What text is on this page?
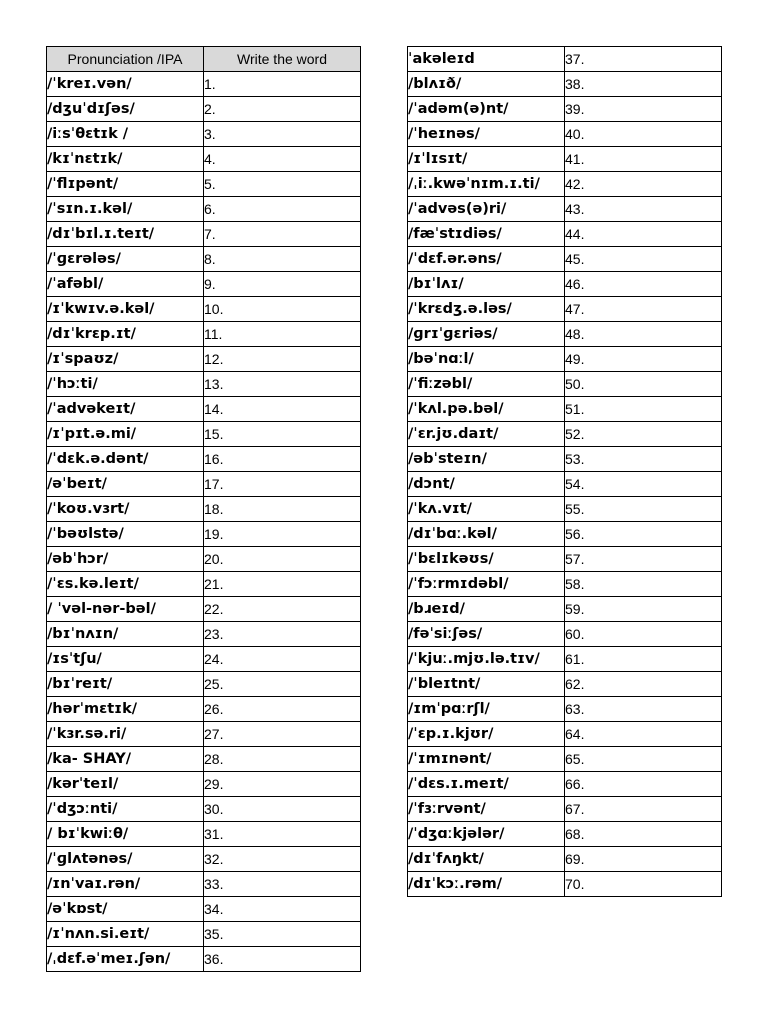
Pronunciation /IPA	Write the word
/ˈkreɪ.vən/	1.
/dʒuˈdɪʃəs/	2.
/iːsˈθɛtɪk /	3.
/kɪˈnɛtɪk/	4.
/ˈflɪpənt/	5.
/ˈsɪn.ɪ.kəl/	6.
/dɪˈbɪl.ɪ.teɪt/	7.
/ˈɡɛrələs/	8.
/ˈafəbl/	9.
/ɪˈkwɪv.ə.kəl/	10.
/dɪˈkrɛp.ɪt/	11.
/ɪˈspaʊz/	12.
/ˈhɔːti/	13.
/ˈadvəkeɪt/	14.
/ɪˈpɪt.ə.mi/	15.
/ˈdɛk.ə.dənt/	16.
/əˈbeɪt/	17.
/ˈkoʊ.vɜrt/	18.
/ˈbəʊlstə/	19.
/əbˈhɔr/	20.
/ˈɛs.kə.leɪt/	21.
/ ˈvəl-nər-bəl/	22.
/bɪˈnʌɪn/	23.
/ɪsˈtʃu/	24.
/bɪˈreɪt/	25.
/hərˈmɛtɪk/	26.
/ˈkɜr.sə.ri/	27.
/ka- SHAY/	28.
/kərˈteɪl/	29.
/ˈdʒɔːnti/	30.
/ bɪˈkwiːθ/	31.
/ˈɡlʌtənəs/	32.
/ɪnˈvaɪ.rən/	33.
/əˈkɒst/	34.
/ɪˈnʌn.si.eɪt/	35.
/ˌdɛf.əˈmeɪ.ʃən/	36.
ˈakəleɪd	37.
/blʌɪð/	38.
/ˈadəm(ə)nt/	39.
/ˈheɪnəs/	40.
/ɪˈlɪsɪt/	41.
/ˌiː.kwəˈnɪm.ɪ.ti/	42.
/ˈadvəs(ə)ri/	43.
/fæˈstɪdiəs/	44.
/ˈdɛf.ər.əns/	45.
/bɪˈlʌɪ/	46.
/ˈkrɛdʒ.ə.ləs/	47.
/ɡrɪˈɡɛriəs/	48.
/bəˈnɑːl/	49.
/ˈfiːzəbl/	50.
/ˈkʌl.pə.bəl/	51.
/ˈɛr.jʊ.daɪt/	52.
/əbˈsteɪn/	53.
/dɔnt/	54.
/ˈkʌ.vɪt/	55.
/dɪˈbɑː.kəl/	56.
/ˈbɛlɪkəʊs/	57.
/ˈfɔːrmɪdəbl/	58.
/bɹeɪd/	59.
/fəˈsiːʃəs/	60.
/ˈkjuː.mjʊ.lə.tɪv/	61.
/ˈbleɪtnt/	62.
/ɪmˈpɑːrʃl/	63.
/ˈɛp.ɪ.kjʊr/	64.
/ˈɪmɪnənt/	65.
/ˈdɛs.ɪ.meɪt/	66.
/ˈfɜːrvənt/	67.
/ˈdʒɑːkjələr/	68.
/dɪˈfʌŋkt/	69.
/dɪˈkɔː.rəm/	70.
